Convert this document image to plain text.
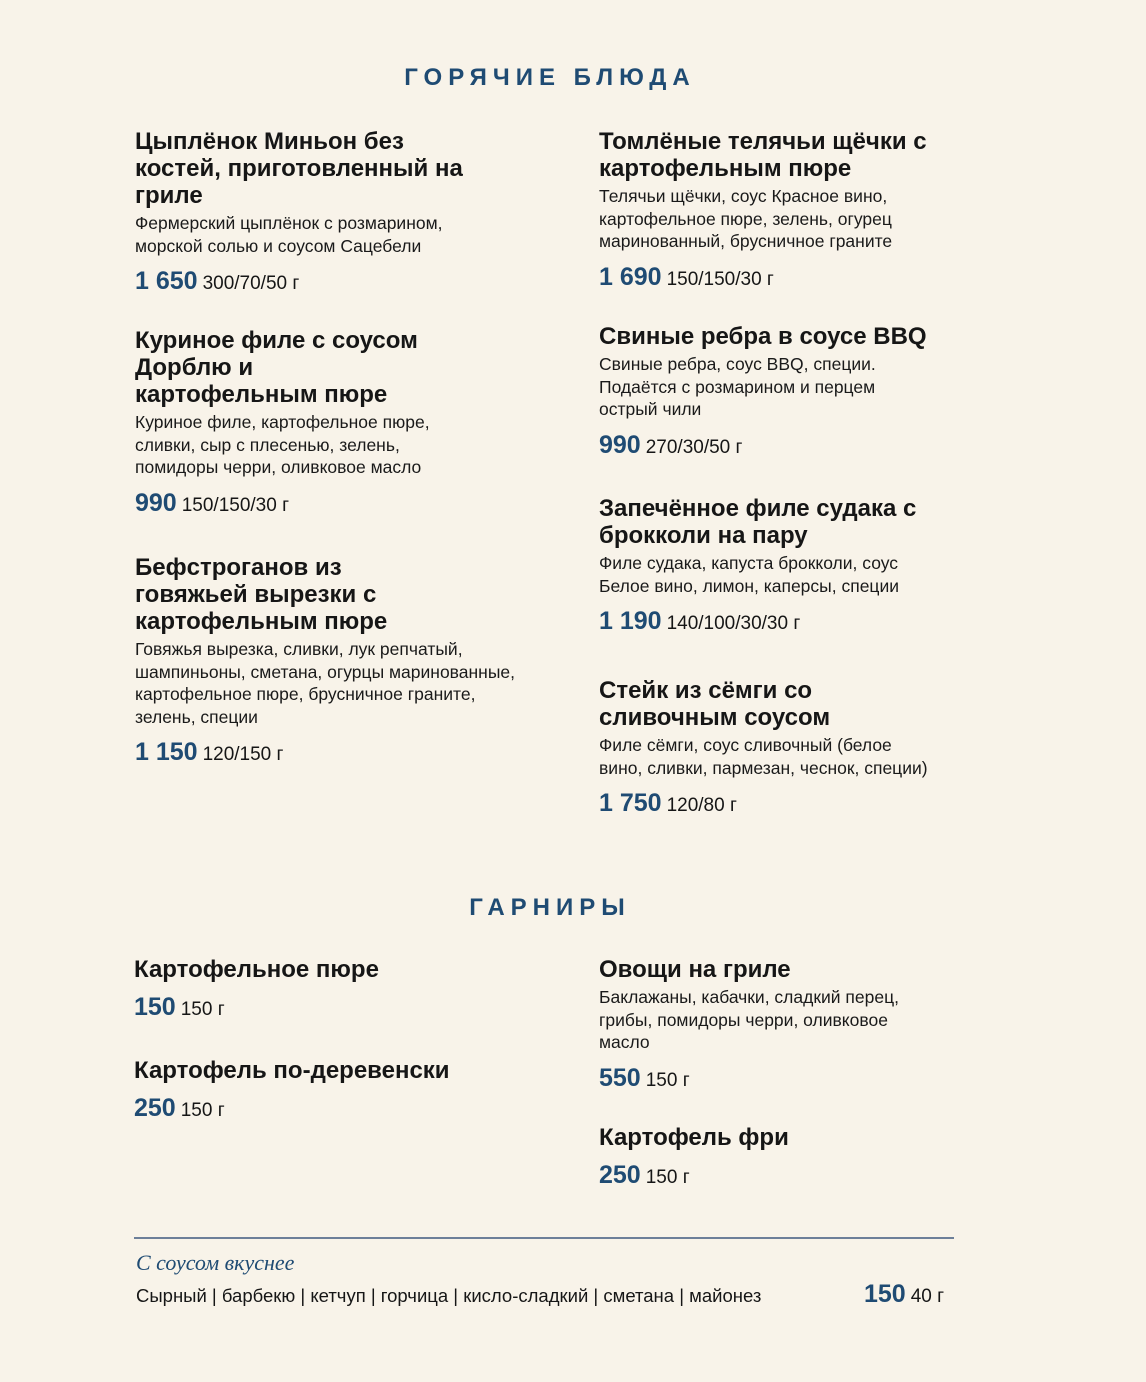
ГОРЯЧИЕ БЛЮДА

Цыплёнок Миньон без костей, приготовленный на гриле

Фермерский цыплёнок с розмарином, морской солью и соусом Сацебели

1 650 300/70/50 г

Куриное филе с соусом Дорблю и картофельным пюре

Куриное филе, картофельное пюре, сливки, сыр с плесенью, зелень, помидоры черри, оливковое масло

990 150/150/30 г

Бефстроганов из говяжьей вырезки с картофельным пюре

Говяжья вырезка, сливки, лук репчатый, шампиньоны, сметана, огурцы маринованные, картофельное пюре, брусничное граните, зелень, специи

1 150 120/150 г

Томлёные телячьи щёчки с картофельным пюре

Телячьи щёчки, соус Красное вино, картофельное пюре, зелень, огурец маринованный, брусничное граните

1 690 150/150/30 г

Свиные ребра в соусе BBQ

Свиные ребра, соус BBQ, специи. Подаётся с розмарином и перцем острый чили

990 270/30/50 г

Запечённое филе судака с брокколи на пару

Филе судака, капуста брокколи, соус Белое вино, лимон, каперсы, специи

1 190 140/100/30/30 г

Стейк из сёмги со сливочным соусом

Филе сёмги, соус сливочный (белое вино, сливки, пармезан, чеснок, специи)

1 750 120/80 г
ГАРНИРЫ

Картофельное пюре

150 150 г

Картофель по-деревенски

250 150 г

Овощи на гриле

Баклажаны, кабачки, сладкий перец, грибы, помидоры черри, оливковое масло

550 150 г

Картофель фри

250 150 г
С соусом вкуснее
Сырный | барбекю | кетчуп | горчица | кисло-сладкий | сметана | майонез	150 40 г
